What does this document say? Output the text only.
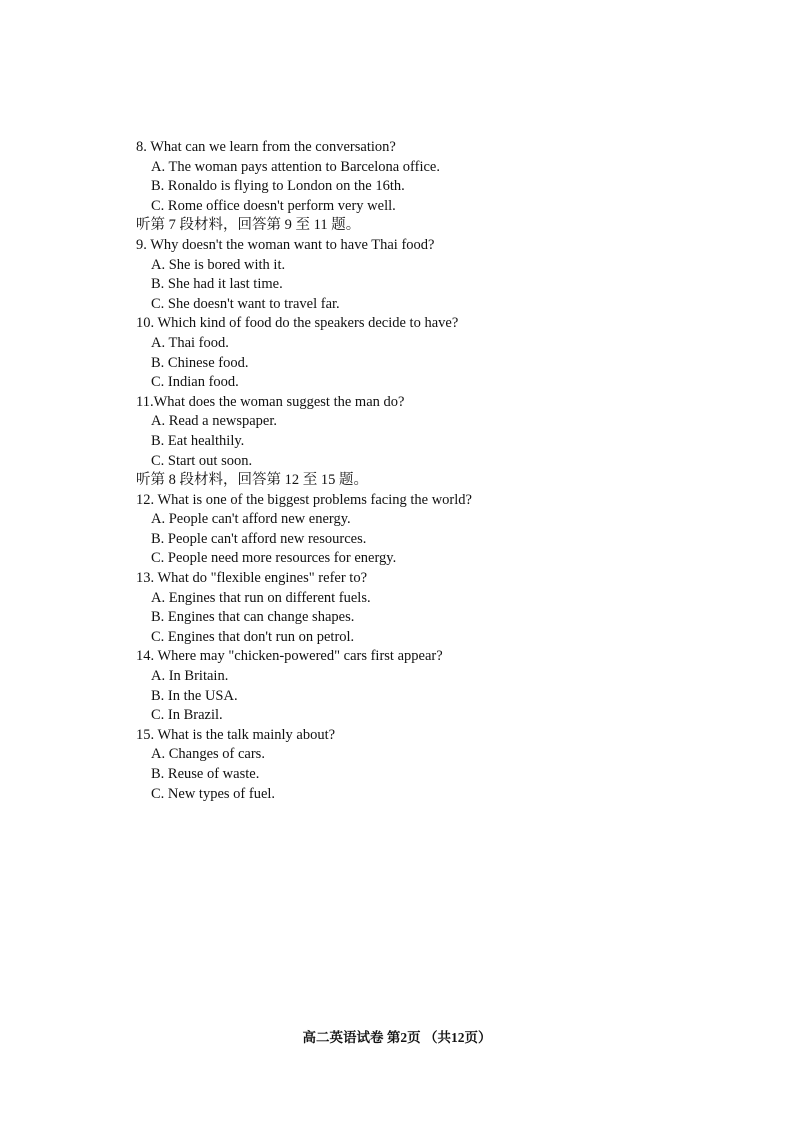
8. What can we learn from the conversation?
A. The woman pays attention to Barcelona office.
B. Ronaldo is flying to London on the 16th.
C. Rome office doesn't perform very well.
听第 7 段材料，回答第 9 至 11 题。
9. Why doesn't the woman want to have Thai food?
A. She is bored with it.
B. She had it last time.
C. She doesn't want to travel far.
10. Which kind of food do the speakers decide to have?
A. Thai food.
B. Chinese food.
C. Indian food.
11.What does the woman suggest the man do?
A. Read a newspaper.
B. Eat healthily.
C. Start out soon.
听第 8 段材料，回答第 12 至 15 题。
12. What is one of the biggest problems facing the world?
A. People can't afford new energy.
B. People can't afford new resources.
C. People need more resources for energy.
13. What do "flexible engines" refer to?
A. Engines that run on different fuels.
B. Engines that can change shapes.
C. Engines that don't run on petrol.
14. Where may "chicken-powered" cars first appear?
A. In Britain.
B. In the USA.
C. In Brazil.
15. What is the talk mainly about?
A. Changes of cars.
B. Reuse of waste.
C. New types of fuel.
高二英语试卷 第2页 （共12页）
